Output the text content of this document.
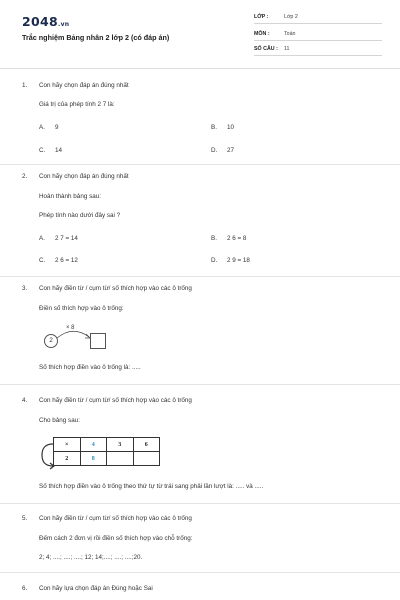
2048.vn
Trắc nghiệm Bảng nhân 2 lớp 2 (có đáp án)
LỚP :	Lớp 2
MÔN :	Toán
SỐ CÂU : 11
1. Con hãy chọn đáp án đúng nhất
Giá trị của phép tính 2 7 là:
A. 9	B. 10
C. 14	D. 27
2. Con hãy chọn đáp án đúng nhất
Hoàn thành bảng sau:
Phép tính nào dưới đây sai ?
A. 2 7 = 14	B. 2 6 = 8
C. 2 6 = 12	D. 2 9 = 18
3. Con hãy điền từ / cụm từ/ số thích hợp vào các ô trống
Điền số thích hợp vào ô trống:
× 8
2
Số thích hợp điền vào ô trống là: .....
4. Con hãy điền từ / cụm từ/ số thích hợp vào các ô trống
Cho bảng sau:
×	4	3	6
2	8		
Số thích hợp điền vào ô trống theo thứ tự từ trái sang phải lần lượt là: ..... và .....
5. Con hãy điền từ / cụm từ/ số thích hợp vào các ô trống
Đếm cách 2 đơn vị rồi điền số thích hợp vào chỗ trống:
2; 4; ....; ....; ....; 12; 14;....; ....; ....;20.
6. Con hãy lựa chọn đáp án Đúng hoặc Sai
